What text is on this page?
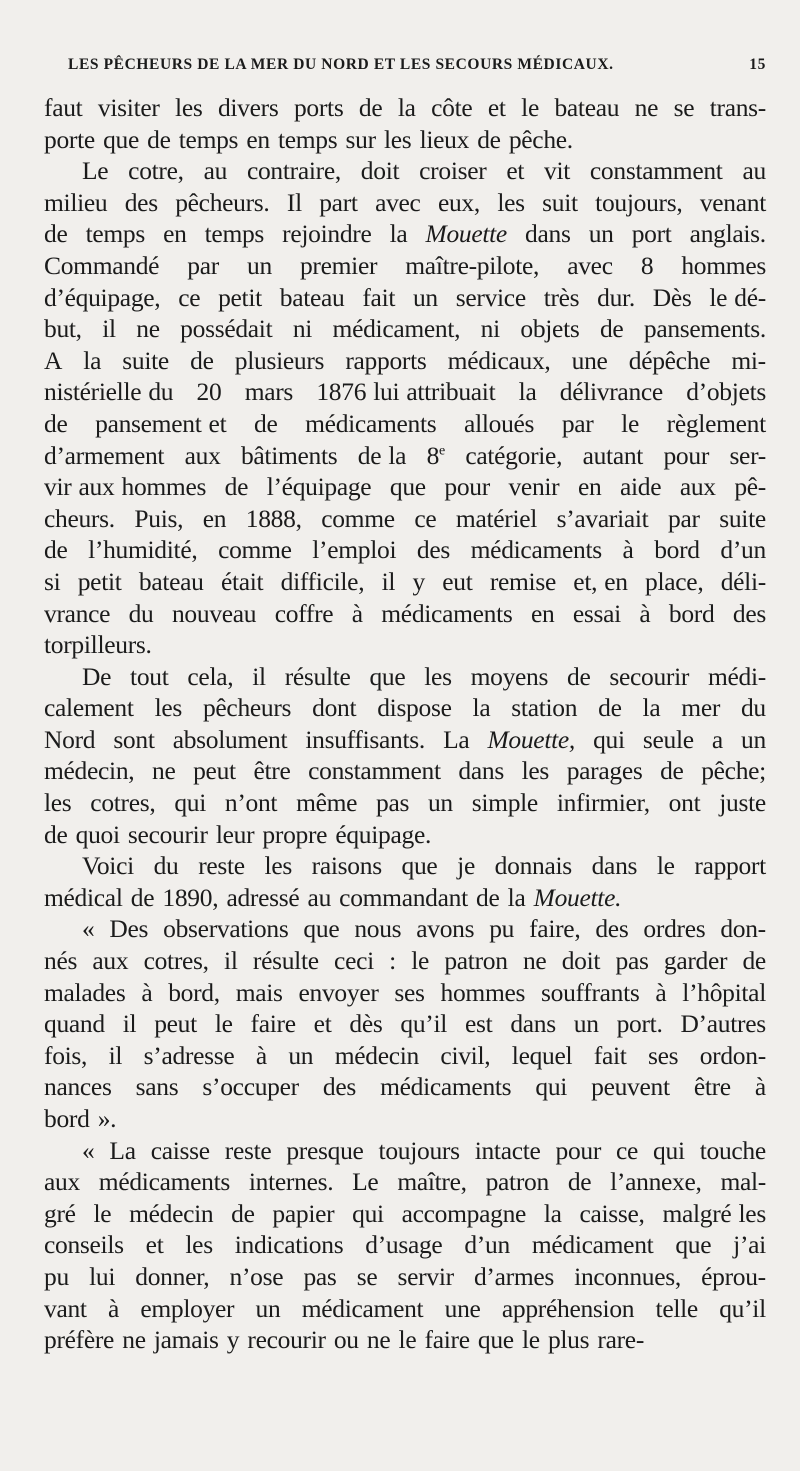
LES PÊCHEURS DE LA MER DU NORD ET LES SECOURS MÉDICAUX.	15
faut visiter les divers ports de la côte et le bateau ne se trans-
porte que de temps en temps sur les lieux de pêche.
Le cotre, au contraire, doit croiser et vit constamment au
milieu des pêcheurs. Il part avec eux, les suit toujours, venant
de temps en temps rejoindre la Mouette dans un port anglais.
Commandé par un premier maître-pilote, avec 8 hommes
d’équipage, ce petit bateau fait un service très dur. Dès le dé-
but, il ne possédait ni médicament, ni objets de pansements.
A la suite de plusieurs rapports médicaux, une dépêche mi-
nistérielle du 20 mars 1876 lui attribuait la délivrance d’objets
de pansement et de médicaments alloués par le règlement
d’armement aux bâtiments de la 8e catégorie, autant pour ser-
vir aux hommes de l’équipage que pour venir en aide aux pê-
cheurs. Puis, en 1888, comme ce matériel s’avariait par suite
de l’humidité, comme l’emploi des médicaments à bord d’un
si petit bateau était difficile, il y eut remise et, en place, déli-
vrance du nouveau coffre à médicaments en essai à bord des
torpilleurs.
De tout cela, il résulte que les moyens de secourir médi-
calement les pêcheurs dont dispose la station de la mer du
Nord sont absolument insuffisants. La Mouette, qui seule a un
médecin, ne peut être constamment dans les parages de pêche;
les cotres, qui n’ont même pas un simple infirmier, ont juste
de quoi secourir leur propre équipage.
Voici du reste les raisons que je donnais dans le rapport
médical de 1890, adressé au commandant de la Mouette.
« Des observations que nous avons pu faire, des ordres don-
nés aux cotres, il résulte ceci : le patron ne doit pas garder de
malades à bord, mais envoyer ses hommes souffrants à l’hôpital
quand il peut le faire et dès qu’il est dans un port. D’autres
fois, il s’adresse à un médecin civil, lequel fait ses ordon-
nances sans s’occuper des médicaments qui peuvent être à
bord ».
« La caisse reste presque toujours intacte pour ce qui touche
aux médicaments internes. Le maître, patron de l’annexe, mal-
gré le médecin de papier qui accompagne la caisse, malgré les
conseils et les indications d’usage d’un médicament que j’ai
pu lui donner, n’ose pas se servir d’armes inconnues, éprou-
vant à employer un médicament une appréhension telle qu’il
préfère ne jamais y recourir ou ne le faire que le plus rare-
